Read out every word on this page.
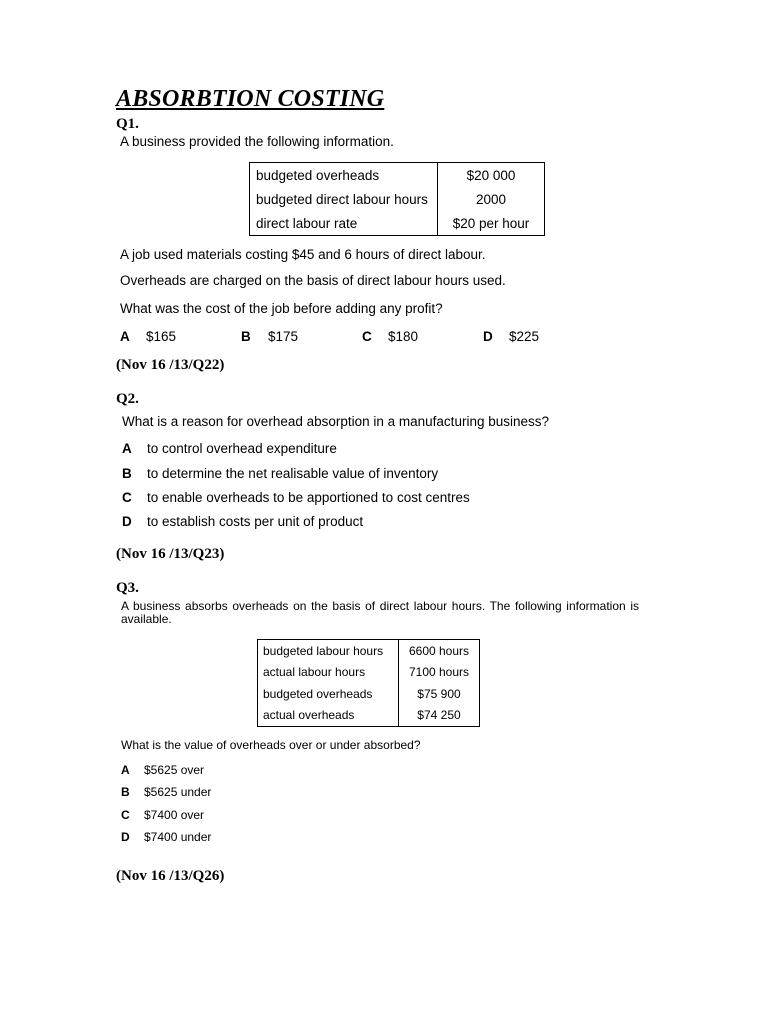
ABSORBTION COSTING
Q1.
A business provided the following information.
budgeted overheads	$20 000
budgeted direct labour hours	2000
direct labour rate	$20 per hour
A job used materials costing $45 and 6 hours of direct labour.
Overheads are charged on the basis of direct labour hours used.
What was the cost of the job before adding any profit?
A $165	B $175	C $180	D $225
(Nov 16 /13/Q22)
Q2.
What is a reason for overhead absorption in a manufacturing business?
A to control overhead expenditure
B to determine the net realisable value of inventory
C to enable overheads to be apportioned to cost centres
D to establish costs per unit of product
(Nov 16 /13/Q23)
Q3.
A business absorbs overheads on the basis of direct labour hours. The following information is
available.
budgeted labour hours	6600 hours
actual labour hours	7100 hours
budgeted overheads	$75 900
actual overheads	$74 250
What is the value of overheads over or under absorbed?
A $5625 over
B $5625 under
C $7400 over
D $7400 under
(Nov 16 /13/Q26)
